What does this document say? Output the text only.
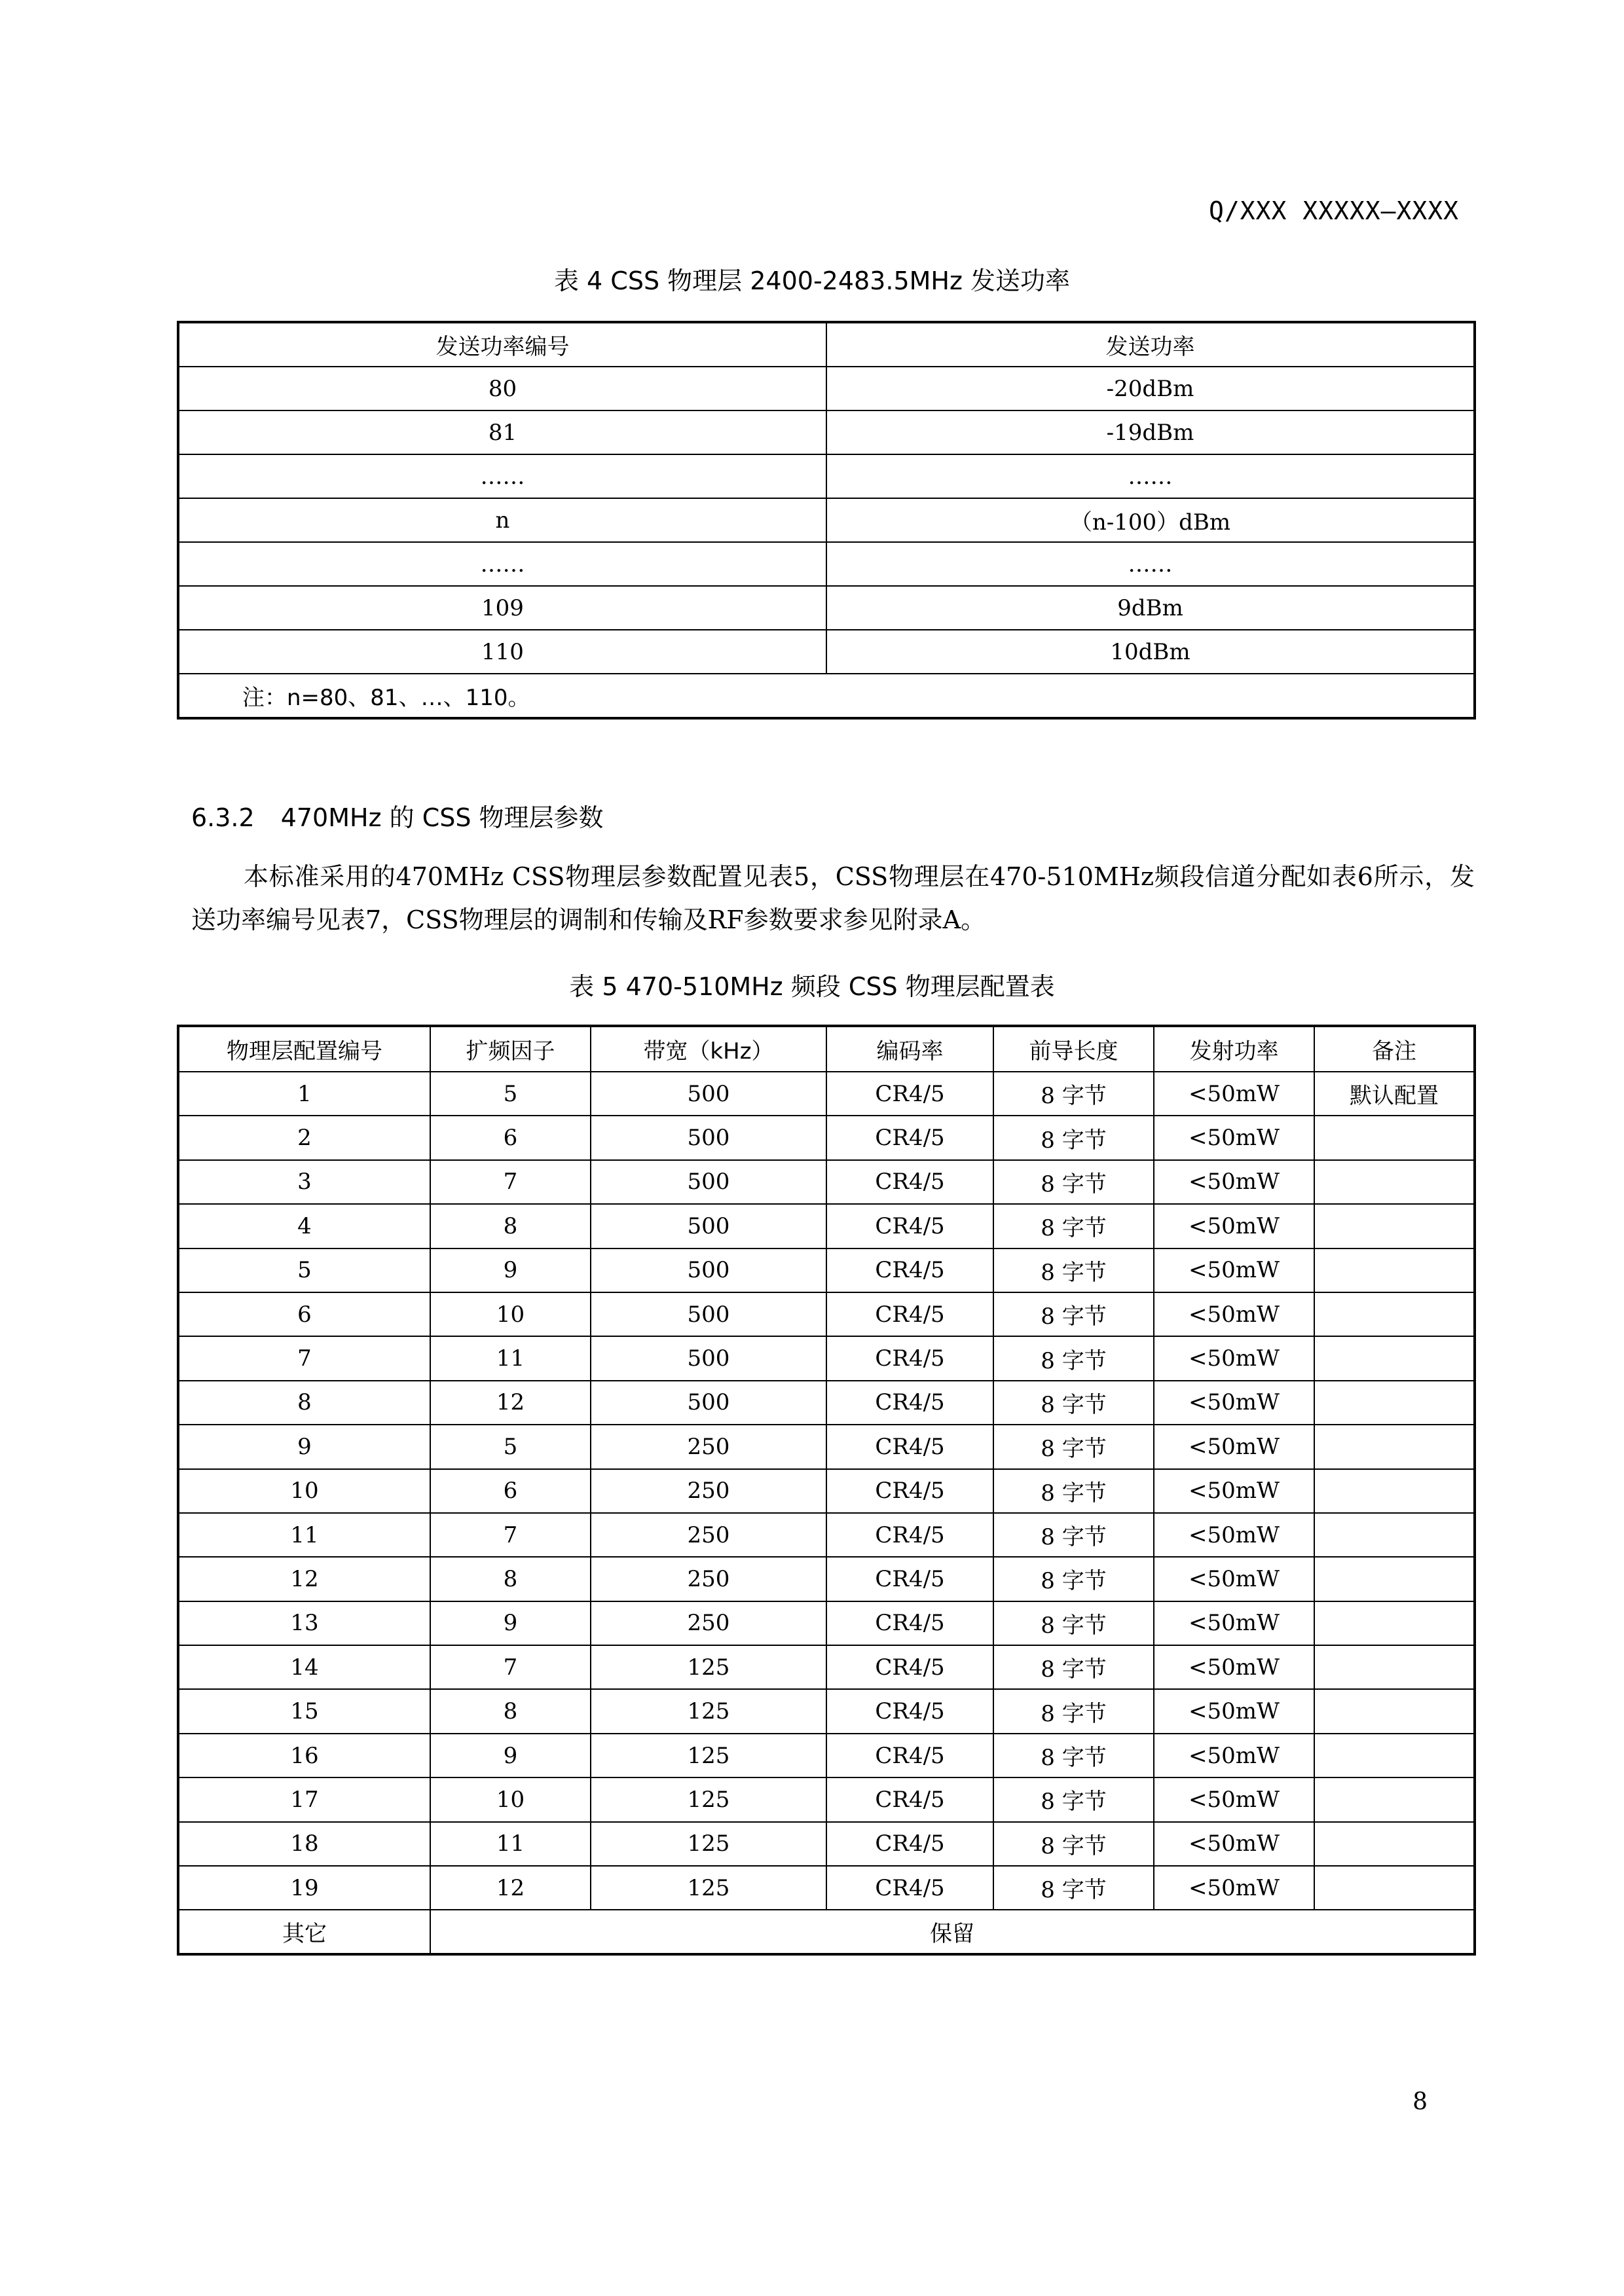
Q/XXX XXXXX—XXXX
表 4 CSS 物理层 2400-2483.5MHz 发送功率
发送功率编号	发送功率
80	-20dBm
81	-19dBm
……	……
n	（n-100）dBm
……	……
109	9dBm
110	10dBm
注：n=80、81、…、110。	
6.3.2 470MHz 的 CSS 物理层参数
本标准采用的470MHz CSS物理层参数配置见表5，CSS物理层在470-510MHz频段信道分配如表6所示，发送功率编号见表7，CSS物理层的调制和传输及RF参数要求参见附录A。
表 5 470-510MHz 频段 CSS 物理层配置表
物理层配置编号	扩频因子	带宽（kHz）	编码率	前导长度	发射功率	备注
1	5	500	CR4/5	8 字节	<50mW	默认配置
2	6	500	CR4/5	8 字节	<50mW	
3	7	500	CR4/5	8 字节	<50mW	
4	8	500	CR4/5	8 字节	<50mW	
5	9	500	CR4/5	8 字节	<50mW	
6	10	500	CR4/5	8 字节	<50mW	
7	11	500	CR4/5	8 字节	<50mW	
8	12	500	CR4/5	8 字节	<50mW	
9	5	250	CR4/5	8 字节	<50mW	
10	6	250	CR4/5	8 字节	<50mW	
11	7	250	CR4/5	8 字节	<50mW	
12	8	250	CR4/5	8 字节	<50mW	
13	9	250	CR4/5	8 字节	<50mW	
14	7	125	CR4/5	8 字节	<50mW	
15	8	125	CR4/5	8 字节	<50mW	
16	9	125	CR4/5	8 字节	<50mW	
17	10	125	CR4/5	8 字节	<50mW	
18	11	125	CR4/5	8 字节	<50mW	
19	12	125	CR4/5	8 字节	<50mW	
其它	保留					
8
